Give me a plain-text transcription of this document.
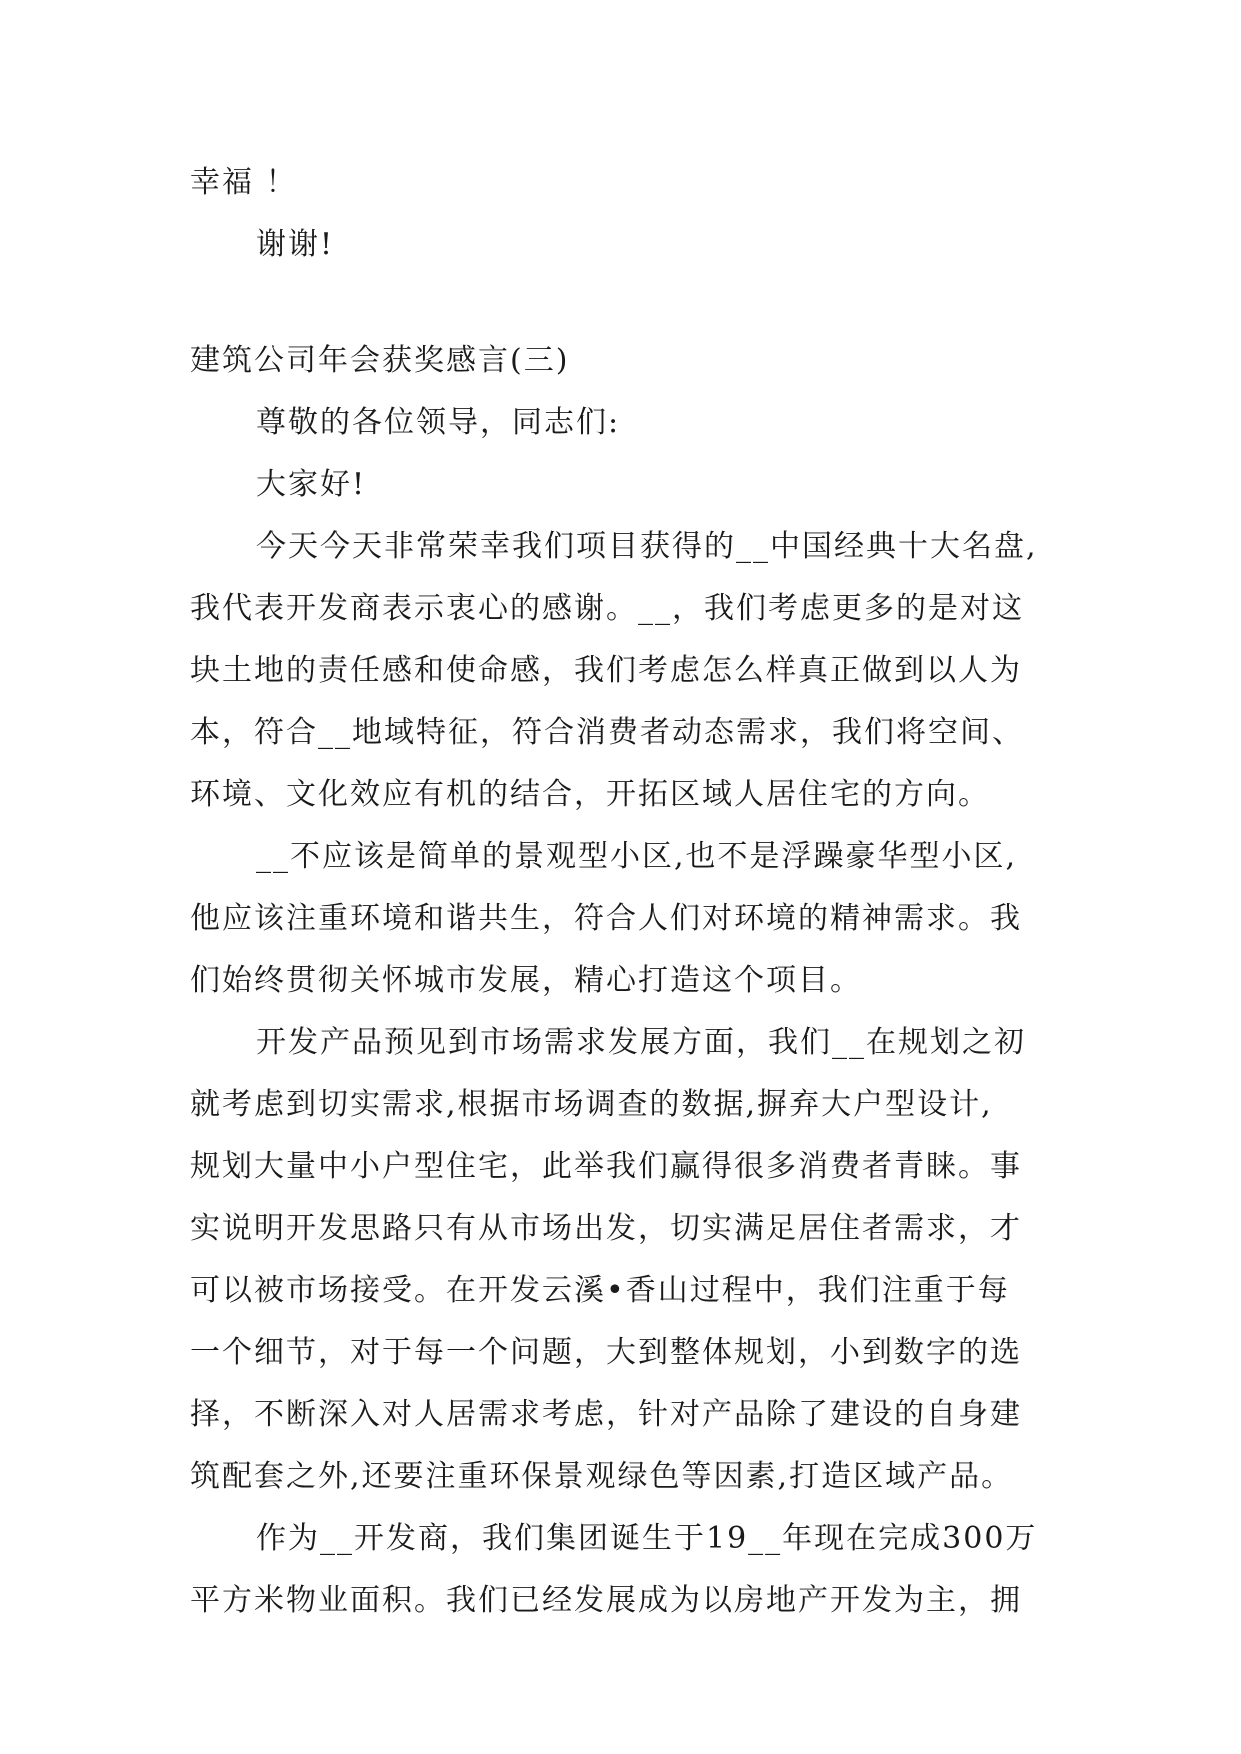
幸福 ！
谢谢!
建筑公司年会获奖感言(三)
尊敬的各位领导，同志们:
大家好!
今天今天非常荣幸我们项目获得的__中国经典十大名盘,
我代表开发商表示衷心的感谢。__，我们考虑更多的是对这
块土地的责任感和使命感，我们考虑怎么样真正做到以人为
本，符合__地域特征，符合消费者动态需求，我们将空间、
环境、文化效应有机的结合，开拓区域人居住宅的方向。
__不应该是简单的景观型小区,也不是浮躁豪华型小区,
他应该注重环境和谐共生，符合人们对环境的精神需求。我
们始终贯彻关怀城市发展，精心打造这个项目。
开发产品预见到市场需求发展方面，我们__在规划之初
就考虑到切实需求,根据市场调查的数据,摒弃大户型设计,
规划大量中小户型住宅，此举我们赢得很多消费者青睐。事
实说明开发思路只有从市场出发，切实满足居住者需求，才
可以被市场接受。在开发云溪•香山过程中，我们注重于每
一个细节，对于每一个问题，大到整体规划，小到数字的选
择，不断深入对人居需求考虑，针对产品除了建设的自身建
筑配套之外,还要注重环保景观绿色等因素,打造区域产品。
作为__开发商，我们集团诞生于19__年现在完成300万
平方米物业面积。我们已经发展成为以房地产开发为主，拥
